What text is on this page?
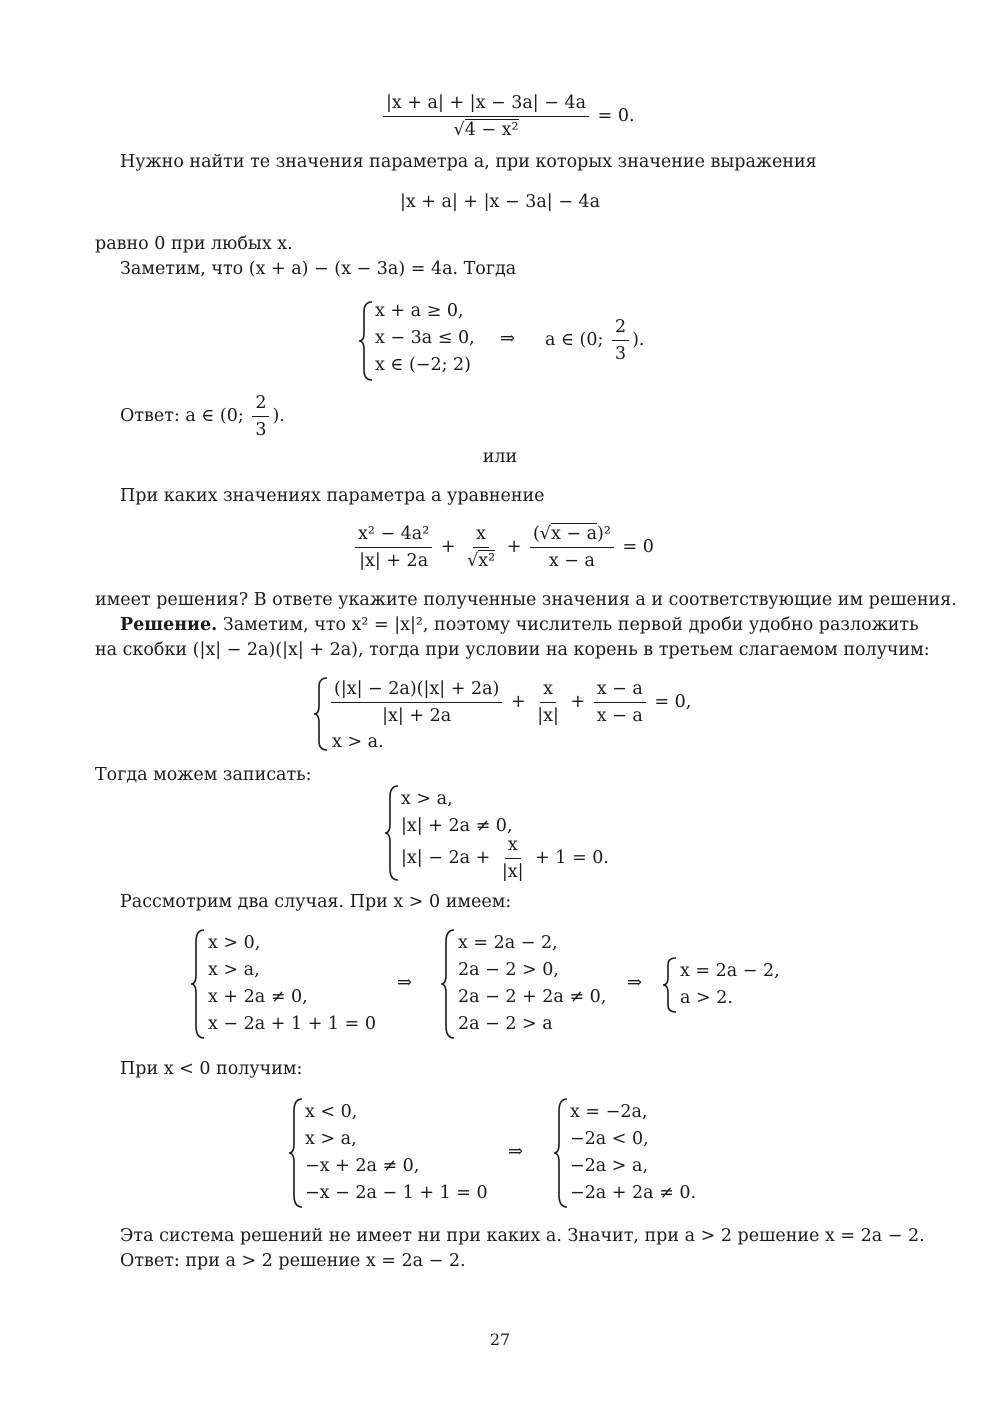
$\frac{|x + a| + |x - 3a| - 4a}{\text{√4 − x²}} = 0$.
Нужно найти те значения параметра a, при которых значение выражения
|x + a| + |x − 3a| − 4a
равно 0 при любых x.
Заметим, что (x + a) − (x − 3a) = 4a. Тогда
x + a ≥ 0,
x − 3a ≤ 0,
x ∈ (−2; 2)
⇒ a ∈ (0; $\frac{2}{3}$ ).
Ответ: a ∈ (0; $\frac{2}{3}$ ).
или
При каких значениях параметра a уравнение
$\frac{\text{x² − 4a²}}{|x| + 2a} + \frac{x}{\text{√x²}} + \frac{\text{(√x − a)²}}{x - a} = 0$
имеет решения? В ответе укажите полученные значения a и соответствующие им решения.
Решение. Заметим, что x² = |x|², поэтому числитель первой дроби удобно разложить
на скобки (|x| − 2a)(|x| + 2a), тогда при условии на корень в третьем слагаемом получим:
$\frac{(|x| - 2a)(|x| + 2a)}{|x| + 2a} + \frac{x}{|x|} + \frac{x - a}{x - a} = 0$,
x > a.
Тогда можем записать:
x > a,
|x| + 2a ≠ 0,
$|x| - 2a + \frac{x}{|x|} + 1 = 0$.
Рассмотрим два случая. При x > 0 имеем:
x > 0,
x > a,
x + 2a ≠ 0,
x − 2a + 1 + 1 = 0
⇒
x = 2a − 2,
2a − 2 > 0,
2a − 2 + 2a ≠ 0,
2a − 2 > a
⇒
x = 2a − 2,
a > 2.
При x < 0 получим:
x < 0,
x > a,
−x + 2a ≠ 0,
−x − 2a − 1 + 1 = 0
⇒
x = −2a,
−2a < 0,
−2a > a,
−2a + 2a ≠ 0.
Эта система решений не имеет ни при каких a. Значит, при a > 2 решение x = 2a − 2.
Ответ: при a > 2 решение x = 2a − 2.
27
